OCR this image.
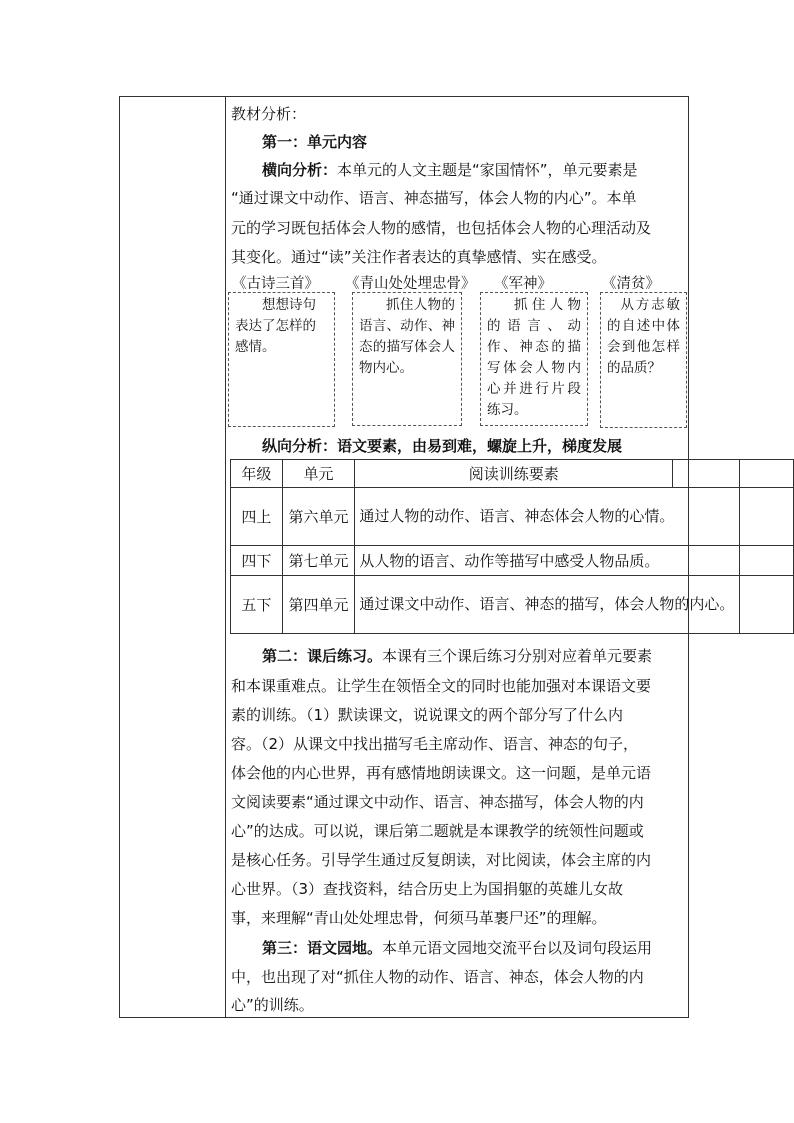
教材分析：
第一：单元内容
横向分析：本单元的人文主题是“家国情怀”，单元要素是
“通过课文中动作、语言、神态描写，体会人物的内心”。本单
元的学习既包括体会人物的感情，也包括体会人物的心理活动及
其变化。通过“读”关注作者表达的真挚感情、实在感受。
《古诗三首》 《青山处处埋忠骨》 《军神》	《清贫》
想想诗句表达了怎样的感情。
抓住人物的语言、动作、神态的描写体会人物内心。
抓住人物的语言、动作、神态的描写体会人物内心并进行片段练习。
从方志敏的自述中体会到他怎样的品质？
纵向分析：语文要素，由易到难，螺旋上升，梯度发展
年级	单元	阅读训练要素		
四上	第六单元	通过人物的动作、语言、神态体会人物的心情。		
四下	第七单元	从人物的语言、动作等描写中感受人物品质。		
五下	第四单元	通过课文中动作、语言、神态的描写，体会人物的内心。		
第二：课后练习。本课有三个课后练习分别对应着单元要素
和本课重难点。让学生在领悟全文的同时也能加强对本课语文要
素的训练。（1）默读课文，说说课文的两个部分写了什么内
容。（2）从课文中找出描写毛主席动作、语言、神态的句子，
体会他的内心世界，再有感情地朗读课文。这一问题，是单元语
文阅读要素“通过课文中动作、语言、神态描写，体会人物的内
心”的达成。可以说，课后第二题就是本课教学的统领性问题或
是核心任务。引导学生通过反复朗读，对比阅读，体会主席的内
心世界。（3）查找资料，结合历史上为国捐躯的英雄儿女故
事，来理解“青山处处埋忠骨，何须马革裹尸还”的理解。
第三：语文园地。本单元语文园地交流平台以及词句段运用
中，也出现了对“抓住人物的动作、语言、神态，体会人物的内
心”的训练。
